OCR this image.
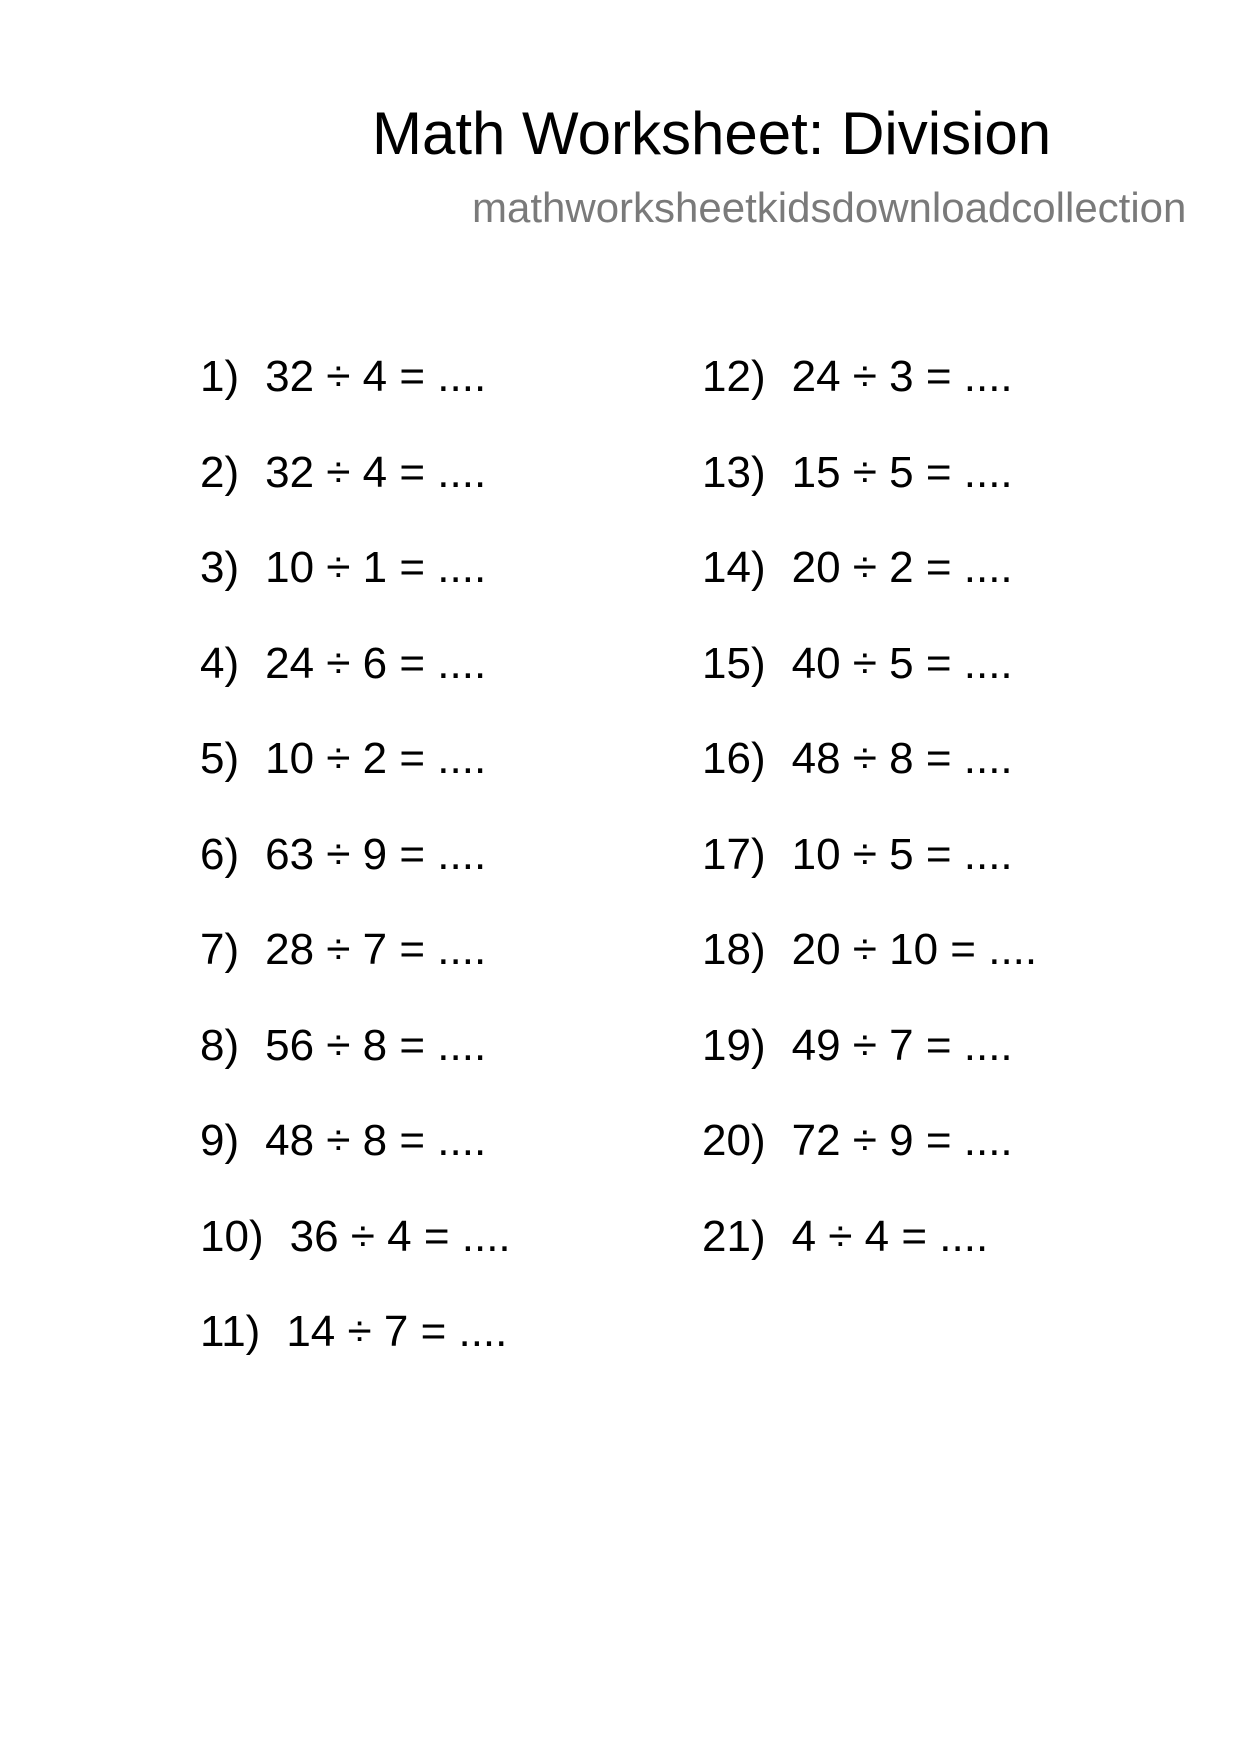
Math Worksheet: Division
mathworksheetkidsdownloadcollection
1) 32 ÷ 4 = ....
2) 32 ÷ 4 = ....
3) 10 ÷ 1 = ....
4) 24 ÷ 6 = ....
5) 10 ÷ 2 = ....
6) 63 ÷ 9 = ....
7) 28 ÷ 7 = ....
8) 56 ÷ 8 = ....
9) 48 ÷ 8 = ....
10) 36 ÷ 4 = ....
11) 14 ÷ 7 = ....
12) 24 ÷ 3 = ....
13) 15 ÷ 5 = ....
14) 20 ÷ 2 = ....
15) 40 ÷ 5 = ....
16) 48 ÷ 8 = ....
17) 10 ÷ 5 = ....
18) 20 ÷ 10 = ....
19) 49 ÷ 7 = ....
20) 72 ÷ 9 = ....
21) 4 ÷ 4 = ....
